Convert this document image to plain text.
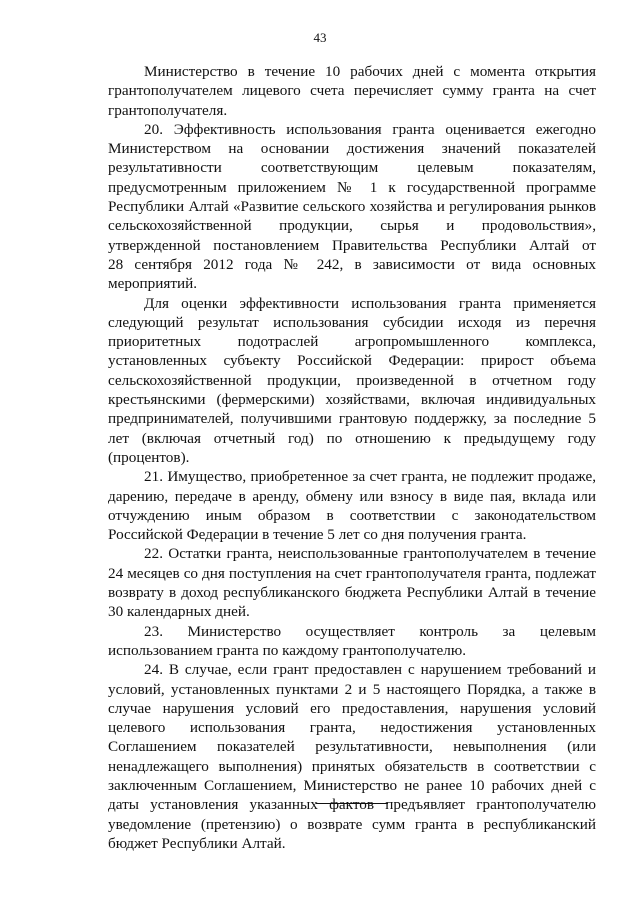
43
Министерство в течение 10 рабочих дней с момента открытия
грантополучателем лицевого счета перечисляет сумму гранта на счет
грантополучателя.
20. Эффективность использования гранта оценивается ежегодно
Министерством на основании достижения значений показателей
результативности соответствующим целевым показателям,
предусмотренным приложением № 1 к государственной программе
Республики Алтай «Развитие сельского хозяйства и регулирования рынков
сельскохозяйственной продукции, сырья и продовольствия»,
утвержденной постановлением Правительства Республики Алтай от
28 сентября 2012 года № 242, в зависимости от вида основных
мероприятий.
Для оценки эффективности использования гранта применяется
следующий результат использования субсидии исходя из перечня
приоритетных подотраслей агропромышленного комплекса,
установленных субъекту Российской Федерации: прирост объема
сельскохозяйственной продукции, произведенной в отчетном году
крестьянскими (фермерскими) хозяйствами, включая индивидуальных
предпринимателей, получившими грантовую поддержку, за последние 5
лет (включая отчетный год) по отношению к предыдущему году
(процентов).
21. Имущество, приобретенное за счет гранта, не подлежит продаже,
дарению, передаче в аренду, обмену или взносу в виде пая, вклада или
отчуждению иным образом в соответствии с законодательством
Российской Федерации в течение 5 лет со дня получения гранта.
22. Остатки гранта, неиспользованные грантополучателем в течение
24 месяцев со дня поступления на счет грантополучателя гранта, подлежат
возврату в доход республиканского бюджета Республики Алтай в течение
30 календарных дней.
23. Министерство осуществляет контроль за целевым
использованием гранта по каждому грантополучателю.
24. В случае, если грант предоставлен с нарушением требований и
условий, установленных пунктами 2 и 5 настоящего Порядка, а также в
случае нарушения условий его предоставления, нарушения условий
целевого использования гранта, недостижения установленных
Соглашением показателей результативности, невыполнения (или
ненадлежащего выполнения) принятых обязательств в соответствии с
заключенным Соглашением, Министерство не ранее 10 рабочих дней с
даты установления указанных фактов предъявляет грантополучателю
уведомление (претензию) о возврате сумм гранта в республиканский
бюджет Республики Алтай.
